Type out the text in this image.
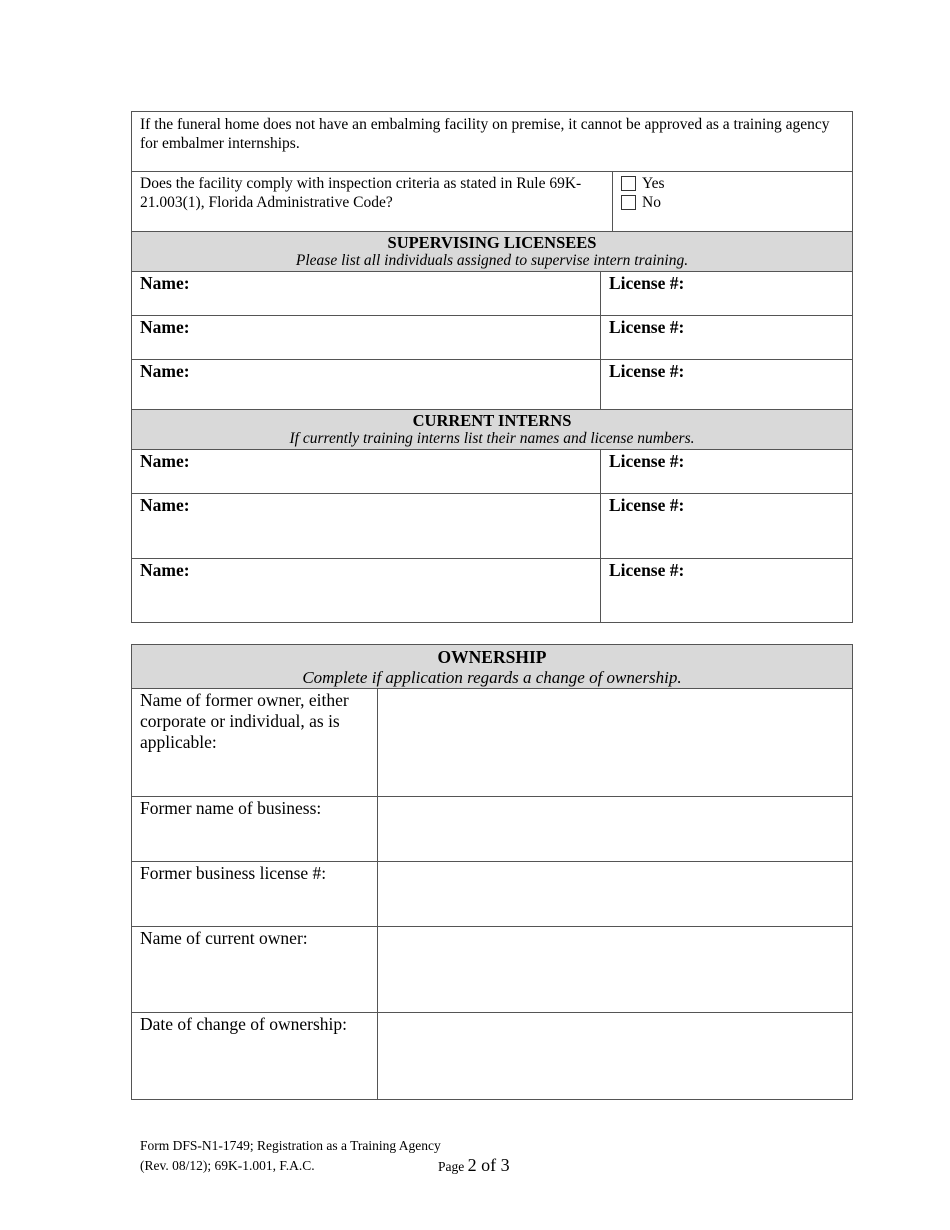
If the funeral home does not have an embalming facility on premise, it cannot be approved as a training agency for embalmer internships.
Does the facility comply with inspection criteria as stated in Rule 69K-21.003(1), Florida Administrative Code?
Yes
No
SUPERVISING LICENSEES
Please list all individuals assigned to supervise intern training.
Name:	License #:
Name:	License #:
Name:	License #:
CURRENT INTERNS
If currently training interns list their names and license numbers.
Name:	License #:
Name:	License #:
Name:	License #:
OWNERSHIP
Complete if application regards a change of ownership.
Name of former owner, either corporate or individual, as is applicable:
Former name of business:
Former business license #:
Name of current owner:
Date of change of ownership:
Form DFS-N1-1749; Registration as a Training Agency
(Rev. 08/12); 69K-1.001, F.A.C.	Page 2 of 3
